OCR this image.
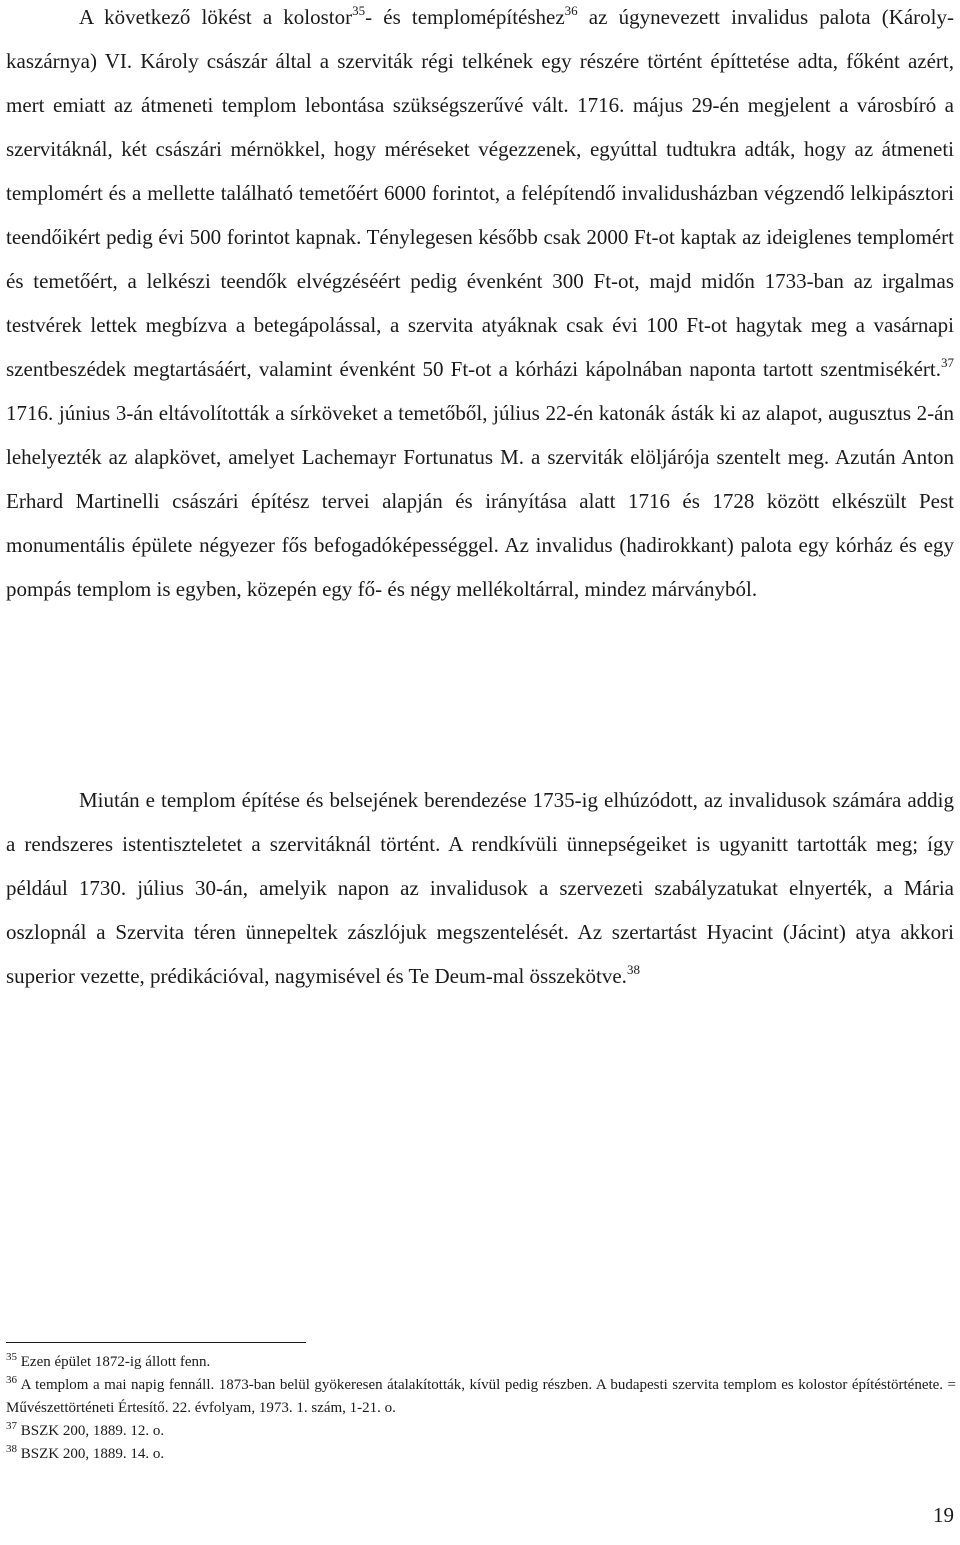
A következő lökést a kolostor$^{35}$- és templomépítéshez$^{36}$ az úgynevezett invalidus palota (Károly-kaszárnya) VI. Károly császár által a szerviták régi telkének egy részére történt építtetése adta, főként azért, mert emiatt az átmeneti templom lebontása szükségszerűvé vált. 1716. május 29-én megjelent a városbíró a szervitáknál, két császári mérnökkel, hogy méréseket végezzenek, egyúttal tudtukra adták, hogy az átmeneti templomért és a mellette található temetőért 6000 forintot, a felépítendő invalidusházban végzendő lelkipásztori teendőikért pedig évi 500 forintot kapnak. Ténylegesen később csak 2000 Ft-ot kaptak az ideiglenes templomért és temetőért, a lelkészi teendők elvégzéséért pedig évenként 300 Ft-ot, majd midőn 1733-ban az irgalmas testvérek lettek megbízva a betegápolással, a szervita atyáknak csak évi 100 Ft-ot hagytak meg a vasárnapi szentbeszédek megtartásáért, valamint évenként 50 Ft-ot a kórházi kápolnában naponta tartott szentmisékért.$^{37}$ 1716. június 3-án eltávolították a sírköveket a temetőből, július 22-én katonák ásták ki az alapot, augusztus 2-án lehelyezték az alapkövet, amelyet Lachemayr Fortunatus M. a szerviták elöljárója szentelt meg. Azután Anton Erhard Martinelli császári építész tervei alapján és irányítása alatt 1716 és 1728 között elkészült Pest monumentális épülete négyezer fős befogadóképességgel. Az invalidus (hadirokkant) palota egy kórház és egy pompás templom is egyben, közepén egy fő- és négy mellékoltárral, mindez márványból.

Miután e templom építése és belsejének berendezése 1735-ig elhúzódott, az invalidusok számára addig a rendszeres istentiszteletet a szervitáknál történt. A rendkívüli ünnepségeiket is ugyanitt tartották meg; így például 1730. július 30-án, amelyik napon az invalidusok a szervezeti szabályzatukat elnyerték, a Mária oszlopnál a Szervita téren ünnepeltek zászlójuk megszentelését. Az szertartást Hyacint (Jácint) atya akkori superior vezette, prédikációval, nagymisével és Te Deum-mal összekötve.$^{38}$

$^{35}$ Ezen épület 1872-ig állott fenn.

$^{36}$ A templom a mai napig fennáll. 1873-ban belül gyökeresen átalakították, kívül pedig részben. A budapesti szervita templom es kolostor építéstörténete. = Művészettörténeti Értesítő. 22. évfolyam, 1973. 1. szám, 1-21. o.

$^{37}$ BSZK 200, 1889. 12. o.

$^{38}$ BSZK 200, 1889. 14. o.

19
